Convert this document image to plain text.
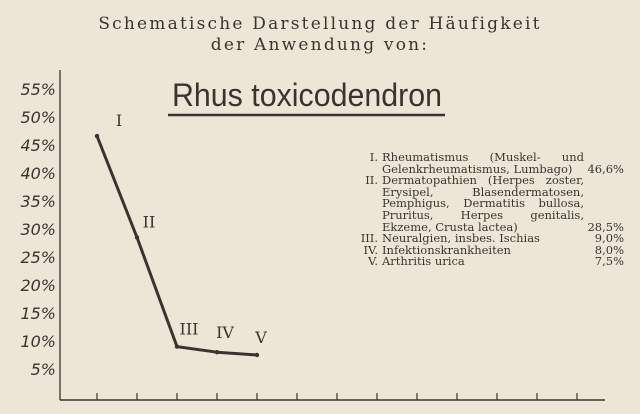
Schematische Darstellung der Häufigkeit
der Anwendung von:
55%
50%
45%
40%
35%
30%
25%
20%
15%
10%
5%
Rhus toxicodendron
I
II
III IV V
I. Rheumatismus (Muskel- und Gelenkrheumatismus, Lumbago)	46,6%
II. Dermatopathien (Herpes zoster, Erysipel, Blasendermatosen, Pemphigus, Dermatitis bullosa, Pruritus, Herpes genitalis, Ekzeme, Crusta lactea)	28,5%
III. Neuralgien, insbes. Ischias	9,0%
IV. Infektionskrankheiten	8,0%
V. Arthritis urica	7,5%
